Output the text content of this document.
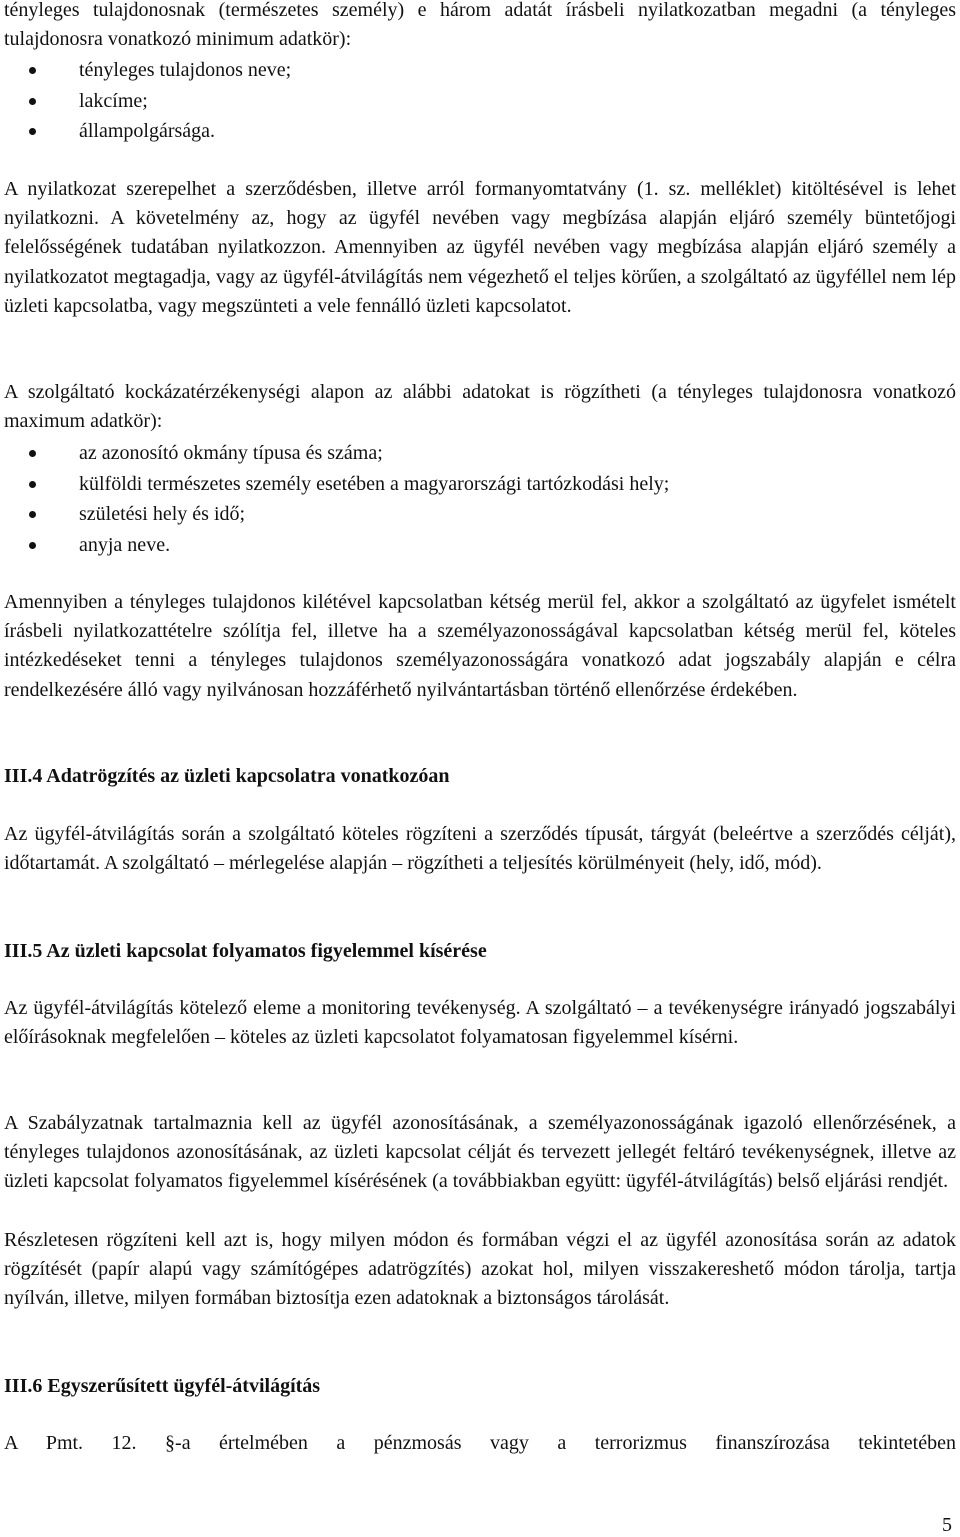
tényleges tulajdonosnak (természetes személy) e három adatát írásbeli nyilatkozatban megadni (a tényleges tulajdonosra vonatkozó minimum adatkör):

tényleges tulajdonos neve;
lakcíme;
állampolgársága.

A nyilatkozat szerepelhet a szerződésben, illetve arról formanyomtatvány (1. sz. melléklet) kitöltésével is lehet nyilatkozni. A követelmény az, hogy az ügyfél nevében vagy megbízása alapján eljáró személy büntetőjogi felelősségének tudatában nyilatkozzon. Amennyiben az ügyfél nevében vagy megbízása alapján eljáró személy a nyilatkozatot megtagadja, vagy az ügyfél-átvilágítás nem végezhető el teljes körűen, a szolgáltató az ügyféllel nem lép üzleti kapcsolatba, vagy megszünteti a vele fennálló üzleti kapcsolatot.

A szolgáltató kockázatérzékenységi alapon az alábbi adatokat is rögzítheti (a tényleges tulajdonosra vonatkozó maximum adatkör):

az azonosító okmány típusa és száma;
külföldi természetes személy esetében a magyarországi tartózkodási hely;
születési hely és idő;
anyja neve.

Amennyiben a tényleges tulajdonos kilétével kapcsolatban kétség merül fel, akkor a szolgáltató az ügyfelet ismételt írásbeli nyilatkozattételre szólítja fel, illetve ha a személyazonosságával kapcsolatban kétség merül fel, köteles intézkedéseket tenni a tényleges tulajdonos személyazonosságára vonatkozó adat jogszabály alapján e célra rendelkezésére álló vagy nyilvánosan hozzáférhető nyilvántartásban történő ellenőrzése érdekében.

III.4 Adatrögzítés az üzleti kapcsolatra vonatkozóan

Az ügyfél-átvilágítás során a szolgáltató köteles rögzíteni a szerződés típusát, tárgyát (beleértve a szerződés célját), időtartamát. A szolgáltató – mérlegelése alapján – rögzítheti a teljesítés körülményeit (hely, idő, mód).

III.5 Az üzleti kapcsolat folyamatos figyelemmel kísérése

Az ügyfél-átvilágítás kötelező eleme a monitoring tevékenység. A szolgáltató – a tevékenységre irányadó jogszabályi előírásoknak megfelelően – köteles az üzleti kapcsolatot folyamatosan figyelemmel kísérni.

A Szabályzatnak tartalmaznia kell az ügyfél azonosításának, a személyazonosságának igazoló ellenőrzésének, a tényleges tulajdonos azonosításának, az üzleti kapcsolat célját és tervezett jellegét feltáró tevékenységnek, illetve az üzleti kapcsolat folyamatos figyelemmel kísérésének (a továbbiakban együtt: ügyfél-átvilágítás) belső eljárási rendjét.

Részletesen rögzíteni kell azt is, hogy milyen módon és formában végzi el az ügyfél azonosítása során az adatok rögzítését (papír alapú vagy számítógépes adatrögzítés) azokat hol, milyen visszakereshető módon tárolja, tartja nyílván, illetve, milyen formában biztosítja ezen adatoknak a biztonságos tárolását.

III.6 Egyszerűsített ügyfél-átvilágítás

A Pmt. 12. §-a értelmében a pénzmosás vagy a terrorizmus finanszírozása tekintetében

5
